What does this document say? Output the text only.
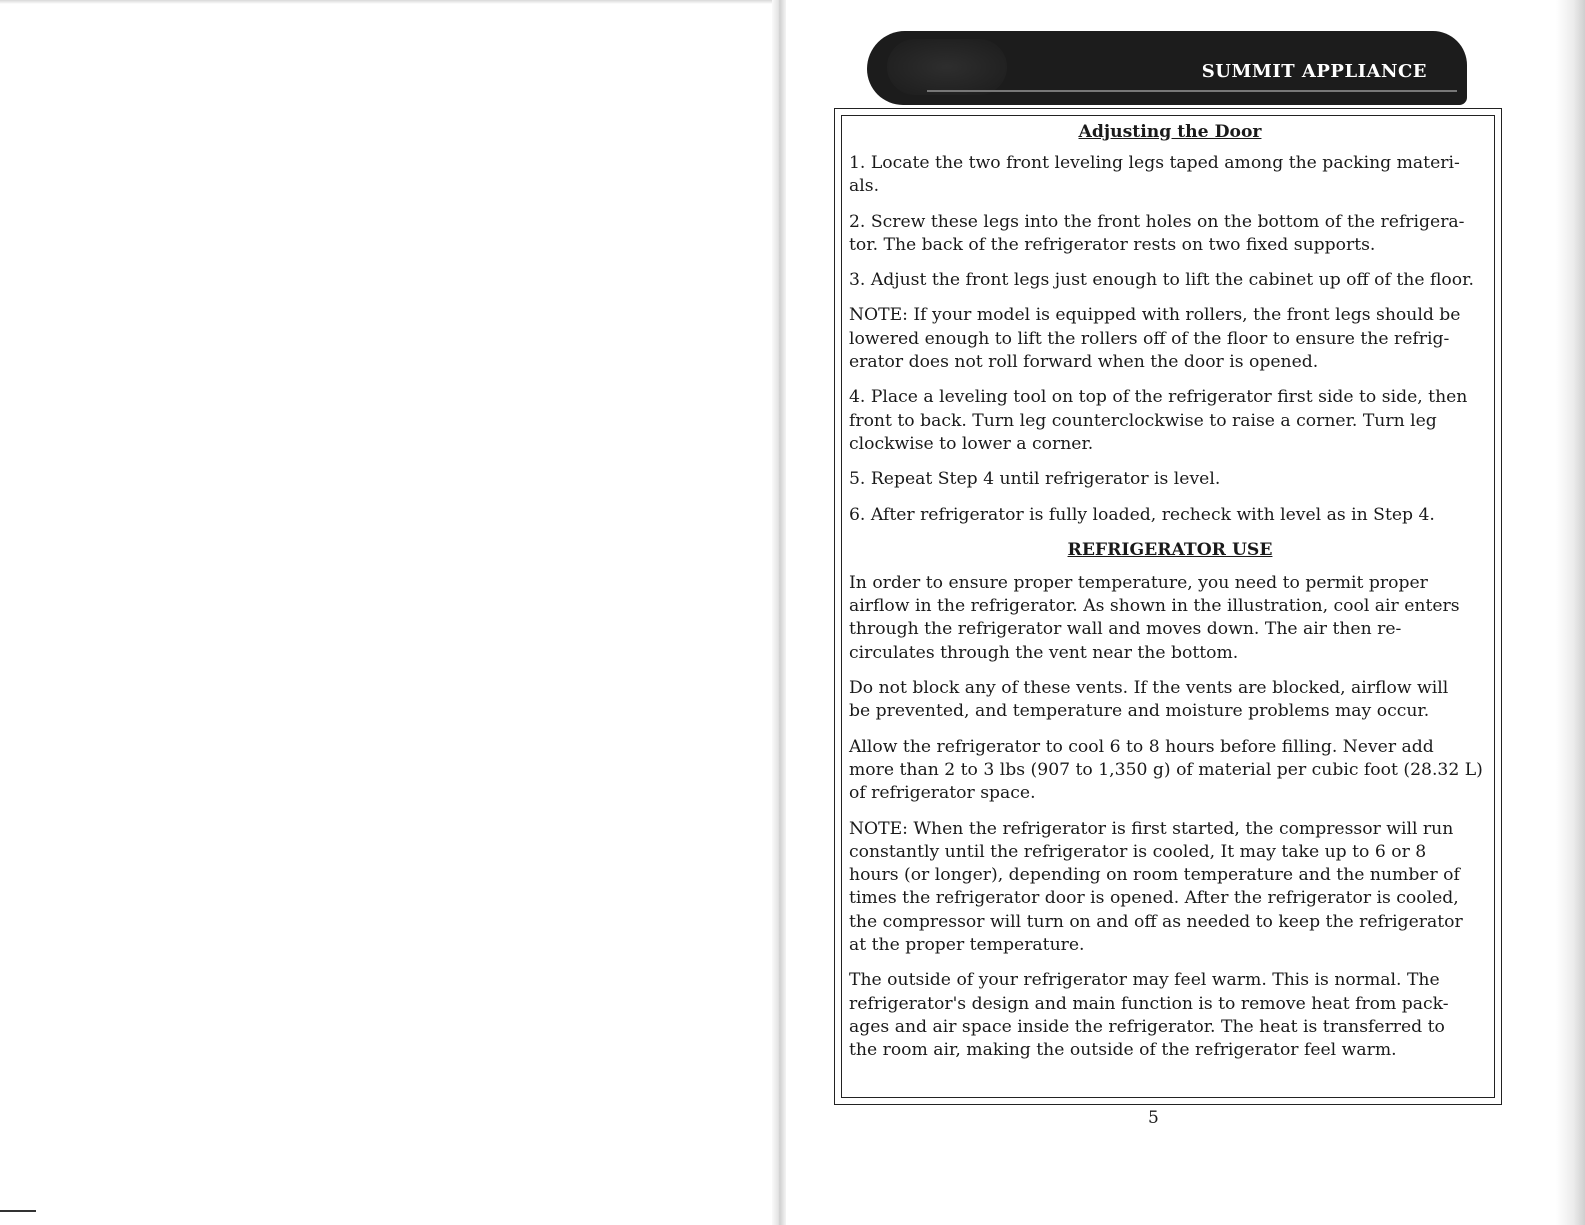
SUMMIT APPLIANCE
Adjusting the Door

1. Locate the two front leveling legs taped among the packing materi-
als.

2. Screw these legs into the front holes on the bottom of the refrigera-
tor. The back of the refrigerator rests on two fixed supports.

3. Adjust the front legs just enough to lift the cabinet up off of the floor.

NOTE: If your model is equipped with rollers, the front legs should be
lowered enough to lift the rollers off of the floor to ensure the refrig-
erator does not roll forward when the door is opened.

4. Place a leveling tool on top of the refrigerator first side to side, then
front to back. Turn leg counterclockwise to raise a corner. Turn leg
clockwise to lower a corner.

5. Repeat Step 4 until refrigerator is level.

6. After refrigerator is fully loaded, recheck with level as in Step 4.

REFRIGERATOR USE

In order to ensure proper temperature, you need to permit proper
airflow in the refrigerator. As shown in the illustration, cool air enters
through the refrigerator wall and moves down. The air then re-
circulates through the vent near the bottom.

Do not block any of these vents. If the vents are blocked, airflow will
be prevented, and temperature and moisture problems may occur.

Allow the refrigerator to cool 6 to 8 hours before filling. Never add
more than 2 to 3 lbs (907 to 1,350 g) of material per cubic foot (28.32 L)
of refrigerator space.

NOTE: When the refrigerator is first started, the compressor will run
constantly until the refrigerator is cooled, It may take up to 6 or 8
hours (or longer), depending on room temperature and the number of
times the refrigerator door is opened. After the refrigerator is cooled,
the compressor will turn on and off as needed to keep the refrigerator
at the proper temperature.

The outside of your refrigerator may feel warm. This is normal. The
refrigerator's design and main function is to remove heat from pack-
ages and air space inside the refrigerator. The heat is transferred to
the room air, making the outside of the refrigerator feel warm.

5
